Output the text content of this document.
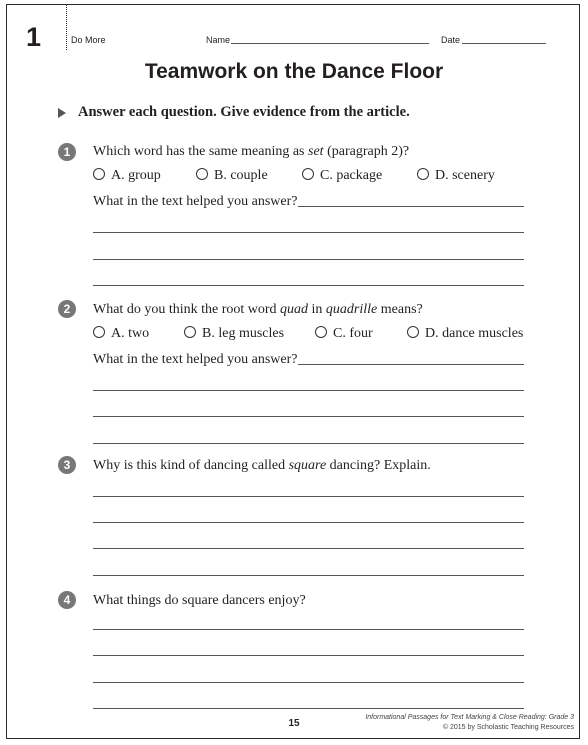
1	Do More	Name	Date
Teamwork on the Dance Floor
Answer each question. Give evidence from the article.
1	Which word has the same meaning as set (paragraph 2)?
A. group	B. couple	C. package	D. scenery
What in the text helped you answer?
2	What do you think the root word quad in quadrille means?
A. two	B. leg muscles	C. four	D. dance muscles
What in the text helped you answer?
3	Why is this kind of dancing called square dancing? Explain.
4	What things do square dancers enjoy?
15
Informational Passages for Text Marking & Close Reading: Grade 3
© 2015 by Scholastic Teaching Resources
